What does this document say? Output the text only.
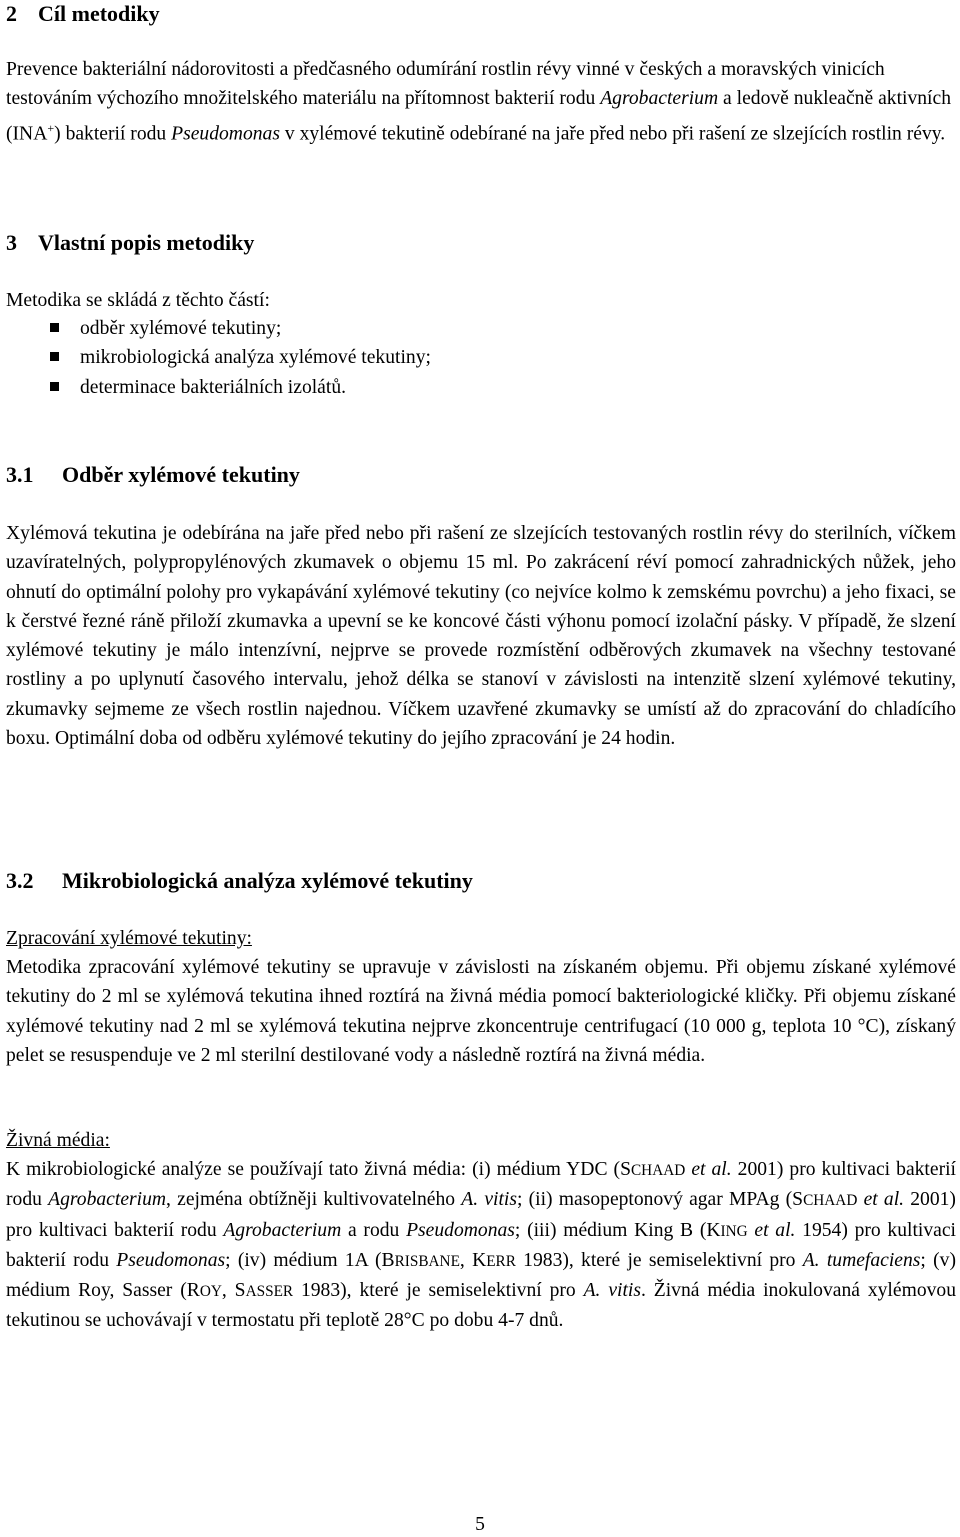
2 Cíl metodiky

Prevence bakteriální nádorovitosti a předčasného odumírání rostlin révy vinné v českých a moravských vinicích testováním výchozího množitelského materiálu na přítomnost bakterií rodu Agrobacterium a ledově nukleačně aktivních (INA+) bakterií rodu Pseudomonas v xylémové tekutině odebírané na jaře před nebo při rašení ze slzejících rostlin révy.

3 Vlastní popis metodiky

Metodika se skládá z těchto částí:

odběr xylémové tekutiny;
mikrobiologická analýza xylémové tekutiny;
determinace bakteriálních izolátů.
3.1 Odběr xylémové tekutiny

Xylémová tekutina je odebírána na jaře před nebo při rašení ze slzejících testovaných rostlin révy do sterilních, víčkem uzavíratelných, polypropylénových zkumavek o objemu 15 ml. Po zakrácení réví pomocí zahradnických nůžek, jeho ohnutí do optimální polohy pro vykapávání xylémové tekutiny (co nejvíce kolmo k zemskému povrchu) a jeho fixaci, se k čerstvé řezné ráně přiloží zkumavka a upevní se ke koncové části výhonu pomocí izolační pásky. V případě, že slzení xylémové tekutiny je málo intenzívní, nejprve se provede rozmístění odběrových zkumavek na všechny testované rostliny a po uplynutí časového intervalu, jehož délka se stanoví v závislosti na intenzitě slzení xylémové tekutiny, zkumavky sejmeme ze všech rostlin najednou. Víčkem uzavřené zkumavky se umístí až do zpracování do chladícího boxu. Optimální doba od odběru xylémové tekutiny do jejího zpracování je 24 hodin.

3.2 Mikrobiologická analýza xylémové tekutiny

Zpracování xylémové tekutiny:

Metodika zpracování xylémové tekutiny se upravuje v závislosti na získaném objemu. Při objemu získané xylémové tekutiny do 2 ml se xylémová tekutina ihned roztírá na živná média pomocí bakteriologické kličky. Při objemu získané xylémové tekutiny nad 2 ml se xylémová tekutina nejprve zkoncentruje centrifugací (10 000 g, teplota 10 °C), získaný pelet se resuspenduje ve 2 ml sterilní destilované vody a následně roztírá na živná média.

Živná média:

K mikrobiologické analýze se používají tato živná média: (i) médium YDC (SCHAAD et al. 2001) pro kultivaci bakterií rodu Agrobacterium, zejména obtížněji kultivovatelného A. vitis; (ii) masopeptonový agar MPAg (SCHAAD et al. 2001) pro kultivaci bakterií rodu Agrobacterium a rodu Pseudomonas; (iii) médium King B (KING et al. 1954) pro kultivaci bakterií rodu Pseudomonas; (iv) médium 1A (BRISBANE, KERR 1983), které je semiselektivní pro A. tumefaciens; (v) médium Roy, Sasser (ROY, SASSER 1983), které je semiselektivní pro A. vitis. Živná média inokulovaná xylémovou tekutinou se uchovávají v termostatu při teplotě 28°C po dobu 4-7 dnů.

5
